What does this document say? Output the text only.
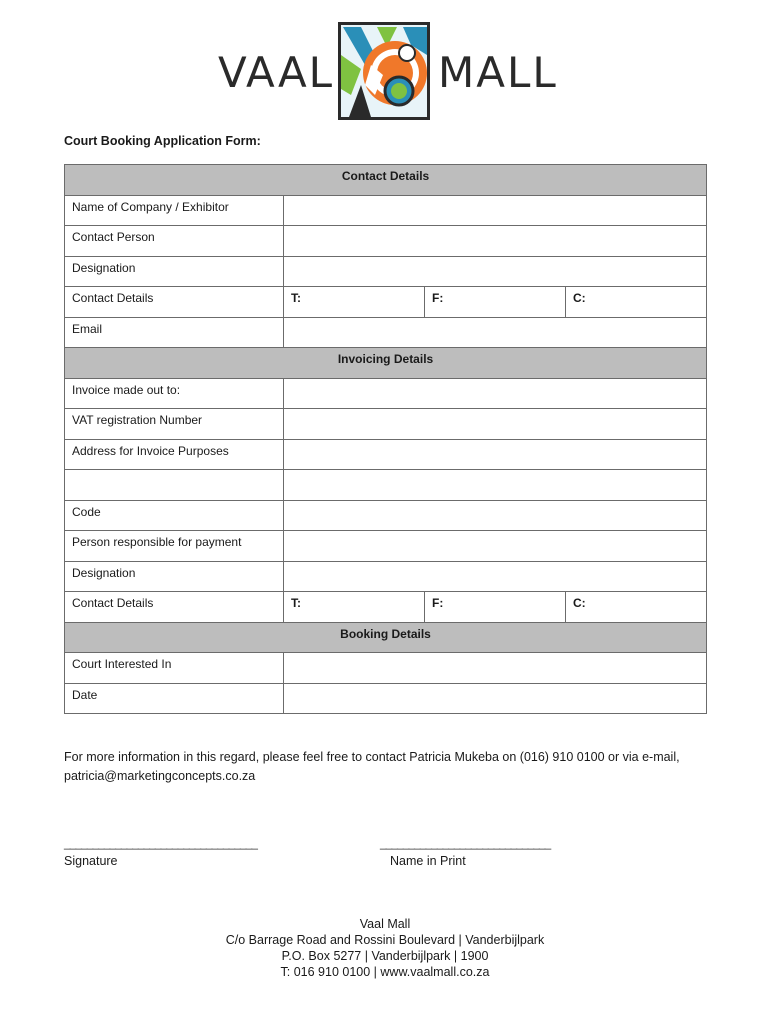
VAAL MALL
Court Booking Application Form:
Contact Details			
Name of Company / Exhibitor			
Contact Person			
Designation			
Contact Details	T:	F:	C:
Email			
Invoicing Details			
Invoice made out to:			
VAT registration Number			
Address for Invoice Purposes			

Code			
Person responsible for payment			
Designation			
Contact Details	T:	F:	C:
Booking Details			
Court Interested In			
Date			
For more information in this regard, please feel free to contact Patricia Mukeba on (016) 910 0100 or via e-mail, patricia@marketingconcepts.co.za
__________________________________	______________________________
Signature	Name in Print
Vaal Mall
C/o Barrage Road and Rossini Boulevard | Vanderbijlpark
P.O. Box 5277 | Vanderbijlpark | 1900
T: 016 910 0100 | www.vaalmall.co.za
